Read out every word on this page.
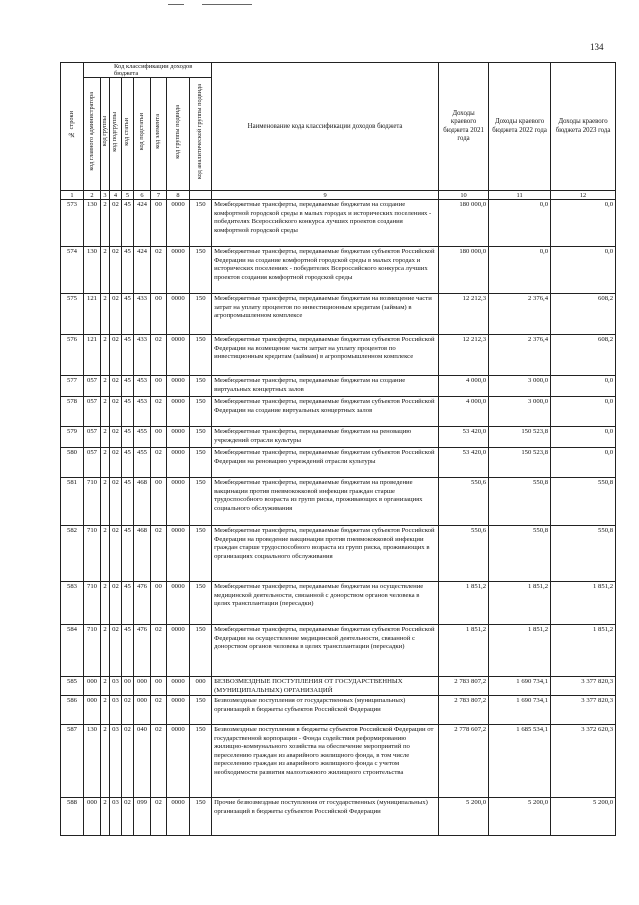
134
№ строки	Код классификации доходов бюджета								Наименование кода классификации доходов бюджета	Доходы краевого бюджета 2021 года	Доходы краевого бюджета 2022 года	Доходы краевого бюджета 2023 года
	код главного администратора	код группы	код подгруппы	код статьи	код подстатьи	код элемента	код группы подвида	код аналитической группы подвида				
1	2	3	4	5	6	7	8		9	10	11	12
573	130	2	02	45	424	00	0000	150	Межбюджетные трансферты, передаваемые бюджетам на создание комфортной городской среды в малых городах и исторических поселениях - победителях Всероссийского конкурса лучших проектов создания комфортной городской среды	180 000,0	0,0	0,0
574	130	2	02	45	424	02	0000	150	Межбюджетные трансферты, передаваемые бюджетам субъектов Российской Федерации на создание комфортной городской среды в малых городах и исторических поселениях - победителях Всероссийского конкурса лучших проектов создания комфортной городской среды	180 000,0	0,0	0,0
575	121	2	02	45	433	00	0000	150	Межбюджетные трансферты, передаваемые бюджетам на возмещение части затрат на уплату процентов по инвестиционным кредитам (займам) в агропромышленном комплексе	12 212,3	2 376,4	608,2
576	121	2	02	45	433	02	0000	150	Межбюджетные трансферты, передаваемые бюджетам субъектов Российской Федерации на возмещение части затрат на уплату процентов по инвестиционным кредитам (займам) в агропромышленном комплексе	12 212,3	2 376,4	608,2
577	057	2	02	45	453	00	0000	150	Межбюджетные трансферты, передаваемые бюджетам на создание виртуальных концертных залов	4 000,0	3 000,0	0,0
578	057	2	02	45	453	02	0000	150	Межбюджетные трансферты, передаваемые бюджетам субъектов Российской Федерации на создание виртуальных концертных залов	4 000,0	3 000,0	0,0
579	057	2	02	45	455	00	0000	150	Межбюджетные трансферты, передаваемые бюджетам на реновацию учреждений отрасли культуры	53 420,0	150 523,8	0,0
580	057	2	02	45	455	02	0000	150	Межбюджетные трансферты, передаваемые бюджетам субъектов Российской Федерации на реновацию учреждений отрасли культуры	53 420,0	150 523,8	0,0
581	710	2	02	45	468	00	0000	150	Межбюджетные трансферты, передаваемые бюджетам на проведение вакцинации против пневмококковой инфекции граждан старше трудоспособного возраста из групп риска, проживающих в организациях социального обслуживания	550,6	550,8	550,8
582	710	2	02	45	468	02	0000	150	Межбюджетные трансферты, передаваемые бюджетам субъектов Российской Федерации на проведение вакцинации против пневмококковой инфекции граждан старше трудоспособного возраста из групп риска, проживающих в организациях социального обслуживания	550,6	550,8	550,8
583	710	2	02	45	476	00	0000	150	Межбюджетные трансферты, передаваемые бюджетам на осуществление медицинской деятельности, связанной с донорством органов человека в целях трансплантации (пересадки)	1 851,2	1 851,2	1 851,2
584	710	2	02	45	476	02	0000	150	Межбюджетные трансферты, передаваемые бюджетам субъектов Российской Федерации на осуществление медицинской деятельности, связанной с донорством органов человека в целях трансплантации (пересадки)	1 851,2	1 851,2	1 851,2
585	000	2	03	00	000	00	0000	000	БЕЗВОЗМЕЗДНЫЕ ПОСТУПЛЕНИЯ ОТ ГОСУДАРСТВЕННЫХ (МУНИЦИПАЛЬНЫХ) ОРГАНИЗАЦИЙ	2 783 807,2	1 690 734,1	3 377 820,3
586	000	2	03	02	000	02	0000	150	Безвозмездные поступления от государственных (муниципальных) организаций в бюджеты субъектов Российской Федерации	2 783 807,2	1 690 734,1	3 377 820,3
587	130	2	03	02	040	02	0000	150	Безвозмездные поступления в бюджеты субъектов Российской Федерации от государственной корпорации - Фонда содействия реформированию жилищно-коммунального хозяйства на обеспечение мероприятий по переселению граждан из аварийного жилищного фонда, в том числе переселению граждан из аварийного жилищного фонда с учетом необходимости развития малоэтажного жилищного строительства	2 778 607,2	1 685 534,1	3 372 620,3
588	000	2	03	02	099	02	0000	150	Прочие безвозмездные поступления от государственных (муниципальных) организаций в бюджеты субъектов Российской Федерации	5 200,0	5 200,0	5 200,0
